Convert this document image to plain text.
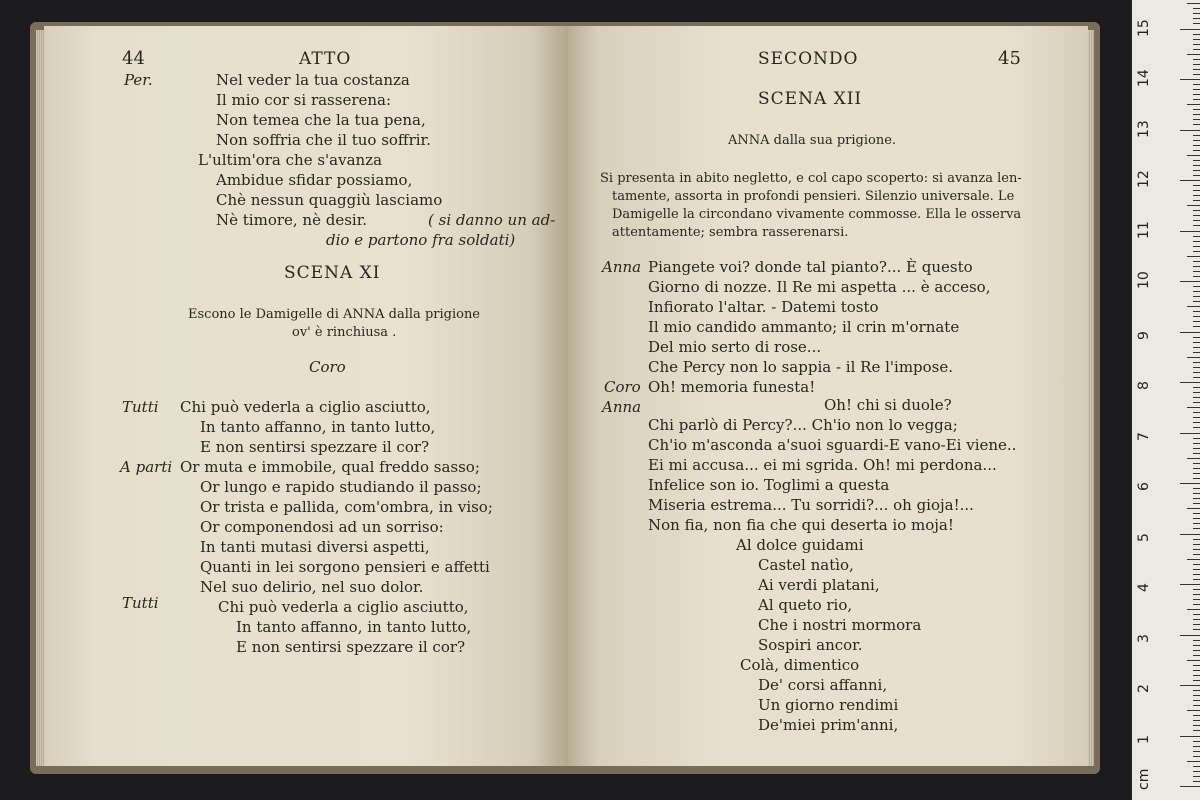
44	ATTO
Per.	Nel veder la tua costanza
Il mio cor si rasserena:
Non temea che la tua pena,
Non soffria che il tuo soffrir.
L'ultim'ora che s'avanza
Ambidue sfidar possiamo,
Chè nessun quaggiù lasciamo
Nè timore, nè desir.	( si danno un ad-
dio e partono fra soldati)
SCENA XI
Escono le Damigelle di ANNA dalla prigione
ov' è rinchiusa .
Coro
Tutti Chi può vederla a ciglio asciutto,
In tanto affanno, in tanto lutto,
E non sentirsi spezzare il cor?
A parti Or muta e immobile, qual freddo sasso;
Or lungo e rapido studiando il passo;
Or trista e pallida, com'ombra, in viso;
Or componendosi ad un sorriso:
In tanti mutasi diversi aspetti,
Quanti in lei sorgono pensieri e affetti
Nel suo delirio, nel suo dolor.
Tutti	Chi può vederla a ciglio asciutto,
In tanto affanno, in tanto lutto,
E non sentirsi spezzare il cor?
SECONDO	45
SCENA XII
ANNA dalla sua prigione.
Si presenta in abito negletto, e col capo scoperto: si avanza len-
tamente, assorta in profondi pensieri. Silenzio universale. Le
Damigelle la circondano vivamente commosse. Ella le osserva
attentamente; sembra rasserenarsi.
Anna Piangete voi? donde tal pianto?... È questo
Giorno di nozze. Il Re mi aspetta ... è acceso,
Infiorato l'altar. - Datemi tosto
Il mio candido ammanto; il crin m'ornate
Del mio serto di rose...
Che Percy non lo sappia - il Re l'impose.
Coro Oh! memoria funesta!
Anna	Oh! chi si duole?
Chi parlò di Percy?... Ch'io non lo vegga;
Ch'io m'asconda a'suoi sguardi-E vano-Ei viene..
Ei mi accusa... ei mi sgrida. Oh! mi perdona...
Infelice son io. Toglimi a questa
Miseria estrema... Tu sorridi?... oh gioja!...
Non fia, non fia che qui deserta io moja!
Al dolce guidami
Castel natìo,
Ai verdi platani,
Al queto rio,
Che i nostri mormora
Sospiri ancor.
Colà, dimentico
De' corsi affanni,
Un giorno rendimi
De'miei prim'anni,
cm
1
2
3
4
5
6
7
8
9
10
11
12
13
14
15
